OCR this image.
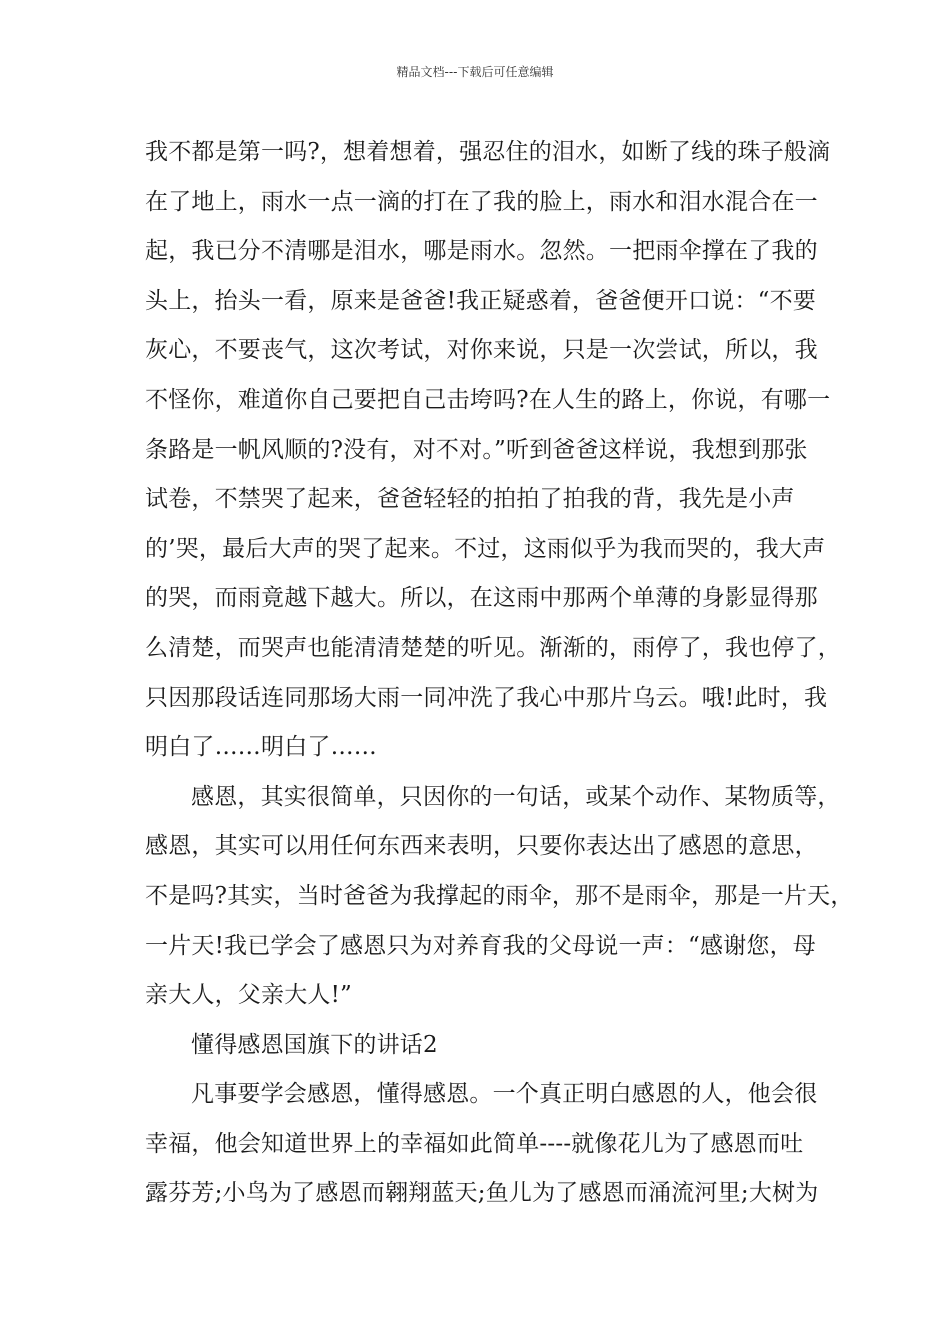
精品文档---下载后可任意编辑
我不都是第一吗?，想着想着，强忍住的泪水，如断了线的珠子般滴
在了地上，雨水一点一滴的打在了我的脸上，雨水和泪水混合在一
起，我已分不清哪是泪水，哪是雨水。忽然。一把雨伞撑在了我的
头上，抬头一看，原来是爸爸!我正疑惑着，爸爸便开口说：“不要
灰心，不要丧气，这次考试，对你来说，只是一次尝试，所以，我
不怪你，难道你自己要把自己击垮吗?在人生的路上，你说，有哪一
条路是一帆风顺的?没有，对不对。”听到爸爸这样说，我想到那张
试卷，不禁哭了起来，爸爸轻轻的拍拍了拍我的背，我先是小声
的’哭，最后大声的哭了起来。不过，这雨似乎为我而哭的，我大声
的哭，而雨竟越下越大。所以，在这雨中那两个单薄的身影显得那
么清楚，而哭声也能清清楚楚的听见。渐渐的，雨停了，我也停了，
只因那段话连同那场大雨一同冲洗了我心中那片乌云。哦!此时，我
明白了……明白了……
感恩，其实很简单，只因你的一句话，或某个动作、某物质等，
感恩，其实可以用任何东西来表明，只要你表达出了感恩的意思，
不是吗?其实，当时爸爸为我撑起的雨伞，那不是雨伞，那是一片天，
一片天!我已学会了感恩只为对养育我的父母说一声：“感谢您，母
亲大人，父亲大人!”
懂得感恩国旗下的讲话2
凡事要学会感恩，懂得感恩。一个真正明白感恩的人，他会很
幸福，他会知道世界上的幸福如此简单----就像花儿为了感恩而吐
露芬芳;小鸟为了感恩而翱翔蓝天;鱼儿为了感恩而涌流河里;大树为
